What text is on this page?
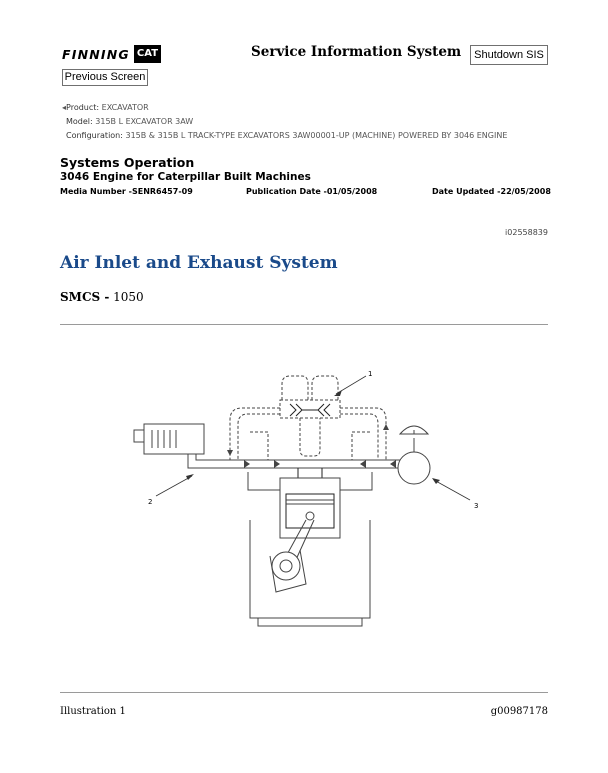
FINNING CAT	Service Information System	Shutdown SIS
Previous Screen
◂Product: EXCAVATOR
Model: 315B L EXCAVATOR 3AW
Configuration: 315B & 315B L TRACK-TYPE EXCAVATORS 3AW00001-UP (MACHINE) POWERED BY 3046 ENGINE
Systems Operation
3046 Engine for Caterpillar Built Machines
Media Number -SENR6457-09	Publication Date -01/05/2008	Date Updated -22/05/2008
i02558839
Air Inlet and Exhaust System
SMCS - 1050
1
2	3
Illustration 1	g00987178
